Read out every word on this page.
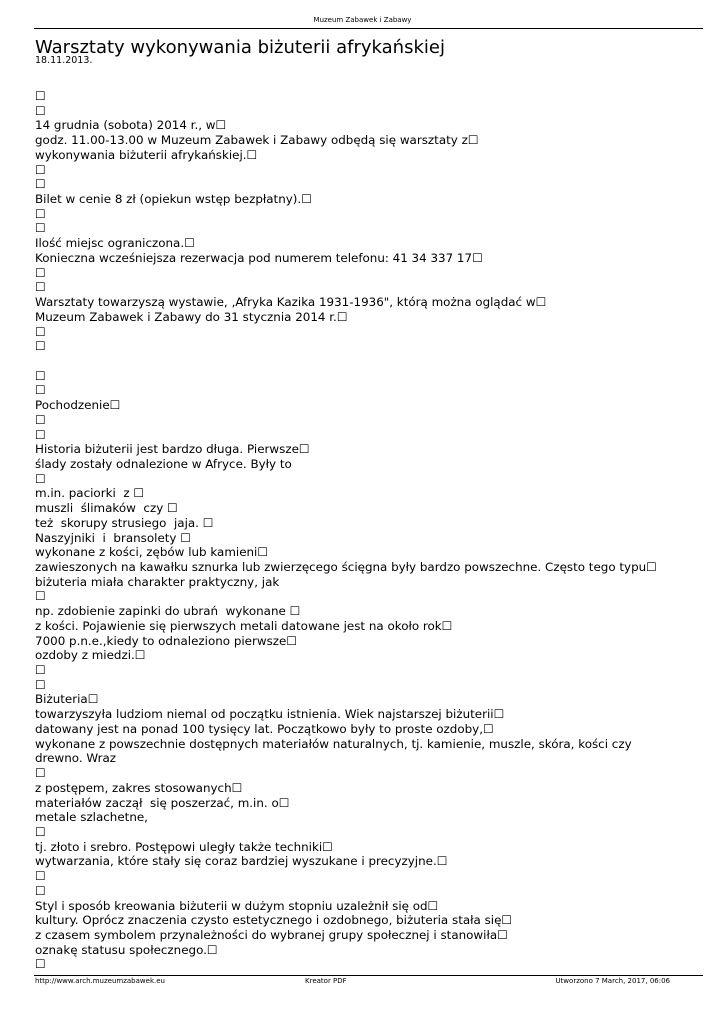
Muzeum Zabawek i Zabawy
Warsztaty wykonywania biżuterii afrykańskiej
18.11.2013.
☐
☐
14 grudnia (sobota) 2014 r., w☐
godz. 11.00-13.00 w Muzeum Zabawek i Zabawy odbędą się warsztaty z☐
wykonywania biżuterii afrykańskiej.☐
☐
☐
Bilet w cenie 8 zł (opiekun wstęp bezpłatny).☐
☐
☐
Ilość miejsc ograniczona.☐
Konieczna wcześniejsza rezerwacja pod numerem telefonu: 41 34 337 17☐
☐
☐
Warsztaty towarzyszą wystawie, ‚Afryka Kazika 1931-1936", którą można oglądać w☐
Muzeum Zabawek i Zabawy do 31 stycznia 2014 r.☐
☐
☐
☐
☐
Pochodzenie☐
☐
☐
Historia biżuterii jest bardzo długa. Pierwsze☐
ślady zostały odnalezione w Afryce. Były to
☐
m.in. paciorki  z ☐
muszli  ślimaków  czy ☐
też  skorupy strusiego  jaja. ☐
Naszyjniki  i  bransolety ☐
wykonane z kości, zębów lub kamieni☐
zawieszonych na kawałku sznurka lub zwierzęcego ścięgna były bardzo powszechne. Często tego typu☐
biżuteria miała charakter praktyczny, jak
☐
np. zdobienie zapinki do ubrań  wykonane ☐
z kości. Pojawienie się pierwszych metali datowane jest na około rok☐
7000 p.n.e.,kiedy to odnaleziono pierwsze☐
ozdoby z miedzi.☐
☐
☐
Biżuteria☐
towarzyszyła ludziom niemal od początku istnienia. Wiek najstarszej biżuterii☐
datowany jest na ponad 100 tysięcy lat. Początkowo były to proste ozdoby,☐
wykonane z powszechnie dostępnych materiałów naturalnych, tj. kamienie, muszle, skóra, kości czy
drewno. Wraz
☐
z postępem, zakres stosowanych☐
materiałów zaczął  się poszerzać, m.in. o☐
metale szlachetne,
☐
tj. złoto i srebro. Postępowi uległy także techniki☐
wytwarzania, które stały się coraz bardziej wyszukane i precyzyjne.☐
☐
☐
Styl i sposób kreowania biżuterii w dużym stopniu uzależnił się od☐
kultury. Oprócz znaczenia czysto estetycznego i ozdobnego, biżuteria stała się☐
z czasem symbolem przynależności do wybranej grupy społecznej i stanowiła☐
oznakę statusu społecznego.☐
☐
http://www.arch.muzeumzabawek.eu	Kreator PDF	Utworzono 7 March, 2017, 06:06
